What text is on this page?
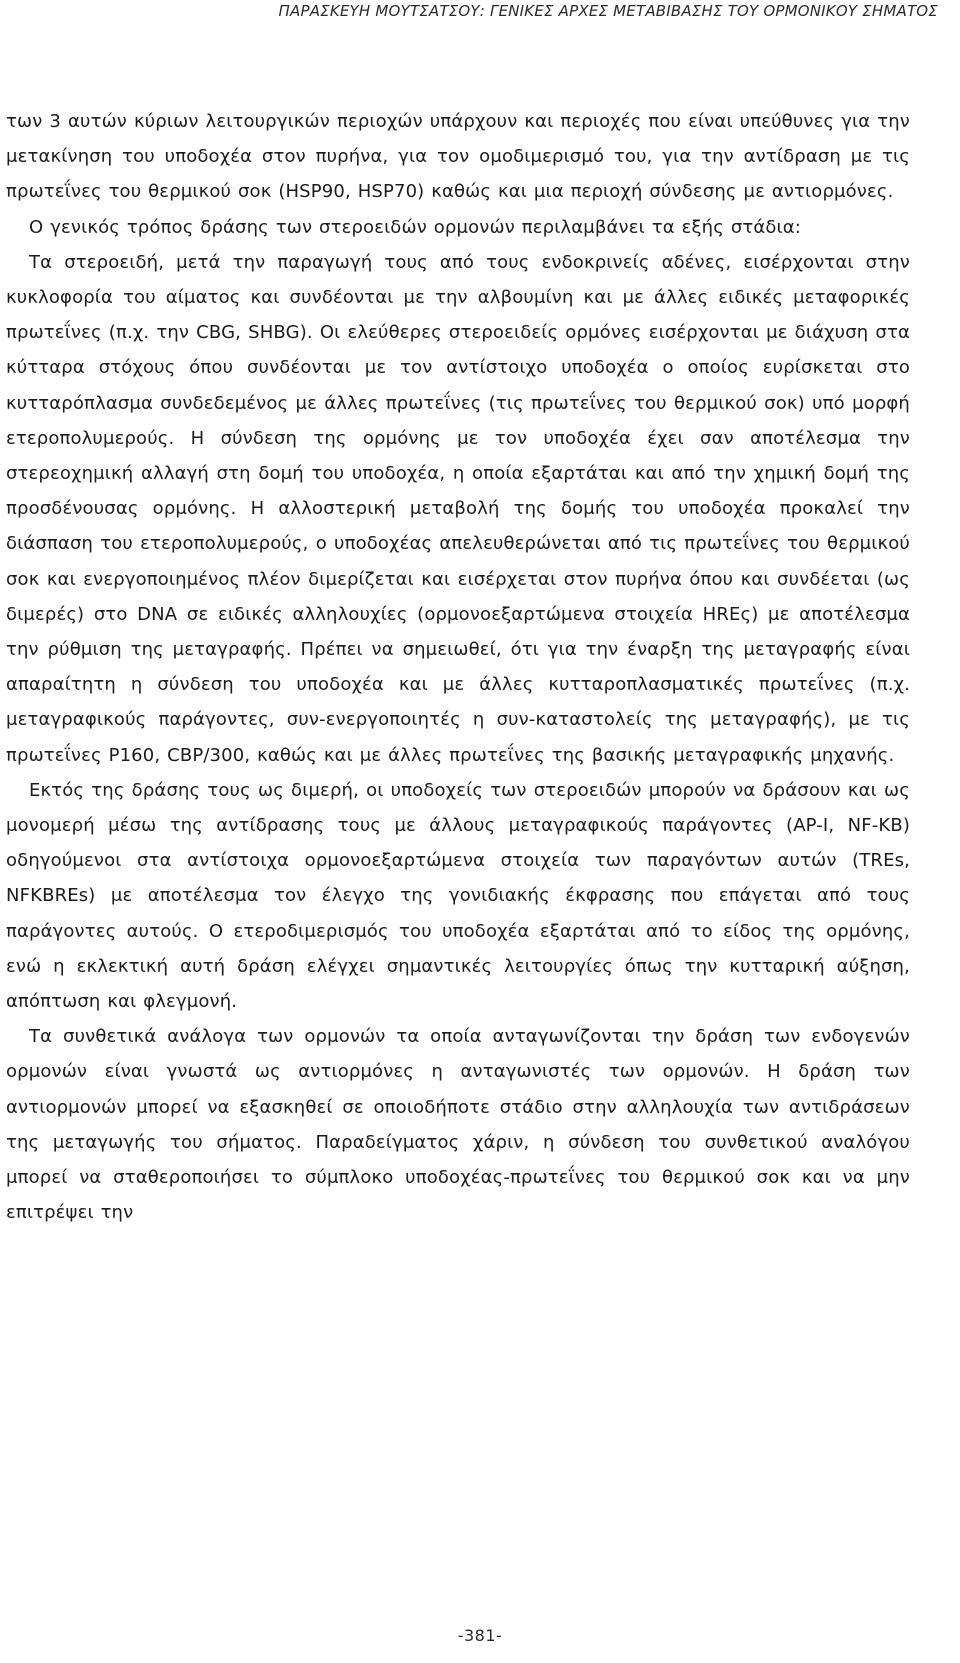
ΠΑΡΑΣΚΕΥΗ ΜΟΥΤΣΑΤΣΟΥ: ΓΕΝΙΚΕΣ ΑΡΧΕΣ ΜΕΤΑΒΙΒΑΣΗΣ ΤΟΥ ΟΡΜΟΝΙΚΟΥ ΣΗΜΑΤΟΣ

των 3 αυτών κύριων λειτουργικών περιοχών υπάρχουν και περιοχές που είναι υπεύθυνες για την μετακίνηση του υποδοχέα στον πυρήνα, για τον ομοδιμερισμό του, για την αντίδραση με τις πρωτεΐνες του θερμικού σοκ (HSP90, HSP70) καθώς και μια περιοχή σύνδεσης με αντιορμόνες.

Ο γενικός τρόπος δράσης των στεροειδών ορμονών περιλαμβάνει τα εξής στάδια:

Τα στεροειδή, μετά την παραγωγή τους από τους ενδοκρινείς αδένες, εισέρχονται στην κυκλοφορία του αίματος και συνδέονται με την αλβουμίνη και με άλλες ειδικές μεταφορικές πρωτεΐνες (π.χ. την CBG, SHBG). Οι ελεύθερες στεροειδείς ορμόνες εισέρχονται με διάχυση στα κύτταρα στόχους όπου συνδέονται με τον αντίστοιχο υποδοχέα ο οποίος ευρίσκεται στο κυτταρόπλασμα συνδεδεμένος με άλλες πρωτεΐνες (τις πρωτεΐνες του θερμικού σοκ) υπό μορφή ετεροπολυμερούς. Η σύνδεση της ορμόνης με τον υποδοχέα έχει σαν αποτέλεσμα την στερεοχημική αλλαγή στη δομή του υποδοχέα, η οποία εξαρτάται και από την χημική δομή της προσδένουσας ορμόνης. Η αλλοστερική μεταβολή της δομής του υποδοχέα προκαλεί την διάσπαση του ετεροπολυμερούς, ο υποδοχέας απελευθερώνεται από τις πρωτεΐνες του θερμικού σοκ και ενεργοποιημένος πλέον διμερίζεται και εισέρχεται στον πυρήνα όπου και συνδέεται (ως διμερές) στο DNA σε ειδικές αλληλουχίες (ορμονοεξαρτώμενα στοιχεία HREς) με αποτέλεσμα την ρύθμιση της μεταγραφής. Πρέπει να σημειωθεί, ότι για την έναρξη της μεταγραφής είναι απαραίτητη η σύνδεση του υποδοχέα και με άλλες κυτταροπλασματικές πρωτεΐνες (π.χ. μεταγραφικούς παράγοντες, συν-ενεργοποιητές η συν-καταστολείς της μεταγραφής), με τις πρωτεΐνες P160, CBP/300, καθώς και με άλλες πρωτεΐνες της βασικής μεταγραφικής μηχανής.

Εκτός της δράσης τους ως διμερή, οι υποδοχείς των στεροειδών μπορούν να δράσουν και ως μονομερή μέσω της αντίδρασης τους με άλλους μεταγραφικούς παράγοντες (AP-I, NF-KB) οδηγούμενοι στα αντίστοιχα ορμονοεξαρτώμενα στοιχεία των παραγόντων αυτών (TREs, NFKBREs) με αποτέλεσμα τον έλεγχο της γονιδιακής έκφρασης που επάγεται από τους παράγοντες αυτούς. Ο ετεροδιμερισμός του υποδοχέα εξαρτάται από το είδος της ορμόνης, ενώ η εκλεκτική αυτή δράση ελέγχει σημαντικές λειτουργίες όπως την κυτταρική αύξηση, απόπτωση και φλεγμονή.

Τα συνθετικά ανάλογα των ορμονών τα οποία ανταγωνίζονται την δράση των ενδογενών ορμονών είναι γνωστά ως αντιορμόνες η ανταγωνιστές των ορμονών. Η δράση των αντιορμονών μπορεί να εξασκηθεί σε οποιοδήποτε στάδιο στην αλληλουχία των αντιδράσεων της μεταγωγής του σήματος. Παραδείγματος χάριν, η σύνδεση του συνθετικού αναλόγου μπορεί να σταθεροποιήσει το σύμπλοκο υποδοχέας-πρωτεΐνες του θερμικού σοκ και να μην επιτρέψει την

-381-
